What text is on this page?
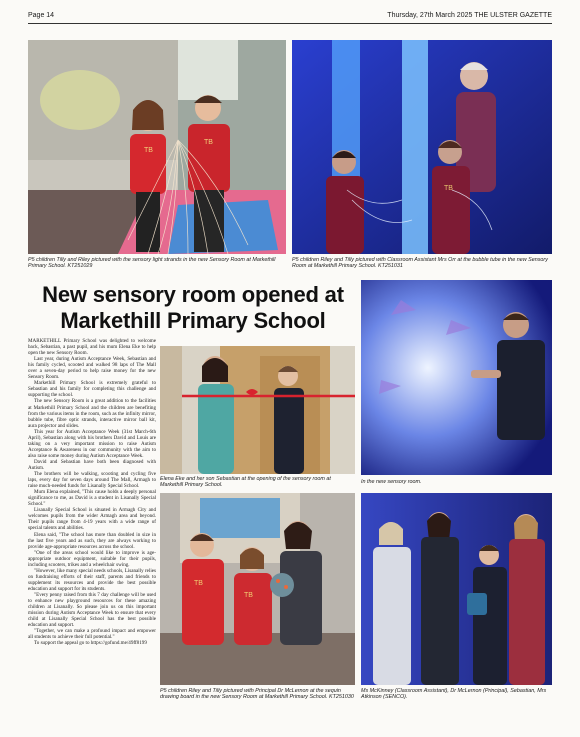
Page 14	Thursday, 27th March 2025 THE ULSTER GAZETTE
TB
TB
P5 children Tilly and Riley pictured with the sensory light strands in the new Sensory Room at Markethill Primary School. KT251029
TB
P5 children Riley and Tilly pictured with Classroom Assistant Mrs Orr at the bubble tube in the new Sensory Room at Markethill Primary School. KT251031
New sensory room opened at
Markethill Primary School
In the new sensory room.

MARKETHILL Primary School was delighted to welcome back, Sebastian, a past pupil, and his mum Elena Eke to help open the new Sensory Room.

Last year, during Autism Acceptance Week, Sebastian and his family cycled, scooted and walked 98 laps of The Mall over a seven-day period to help raise money for the new Sensory Room.

Markethill Primary School is extremely grateful to Sebastian and his family for completing this challenge and supporting the school.

The new Sensory Room is a great addition to the facilities at Markethill Primary School and the children are benefiting from the various items in the room, such as the infinity mirror, bubble tube, fibre optic strands, interactive mirror ball kit, aura projector and slides.

This year for Autism Acceptance Week (31st March-6th April), Sebastian along with his brothers David and Louis are taking on a very important mission to raise Autism Acceptance & Awareness in our community with the aim to also raise some money during Autism Acceptance Week.

David and Sebastian have both been diagnosed with Autism.

The brothers will be walking, scooting and cycling five laps, every day for seven days around The Mall, Armagh to raise much-needed funds for Lisanally Special School.

Mum Elena explained, "This cause holds a deeply personal significance to me, as David is a student in Lisanally Special School."

Lisanally Special School is situated in Armagh City and welcomes pupils from the wider Armagh area and beyond. Their pupils range from 4-19 years with a wide range of special talents and abilities.

Elena said, "The school has more than doubled in size in the last five years and as such, they are always working to provide age-appropriate resources across the school.

"One of the areas school would like to improve is age-appropriate outdoor equipment, suitable for their pupils, including scooters, trikes and a wheelchair swing.

"However, like many special needs schools, Lisanally relies on fundraising efforts of their staff, parents and friends to supplement its resources and provide the best possible education and support for its students.

"Every penny raised from this 7 day challenge will be used to enhance new playground resources for these amazing children at Lisanally. So please join us on this important mission during Autism Acceptance Week to ensure that every child at Lisanally Special School has the best possible education and support.

"Together, we can make a profound impact and empower all students to achieve their full potential."

To support the appeal go to https://gofund.me/49ff8199

Elena Eke and her son Sebastian at the opening of the sensory room at Markethill Primary School.
TB
TB
P5 children Riley and Tilly pictured with Principal Dr McLernon at the sequin drawing board in the new Sensory Room at Markethill Primary School. KT251030
Ms McKinney (Classroom Assistant), Dr McLernon (Principal), Sebastian, Mrs Atkinson (SENCO).
